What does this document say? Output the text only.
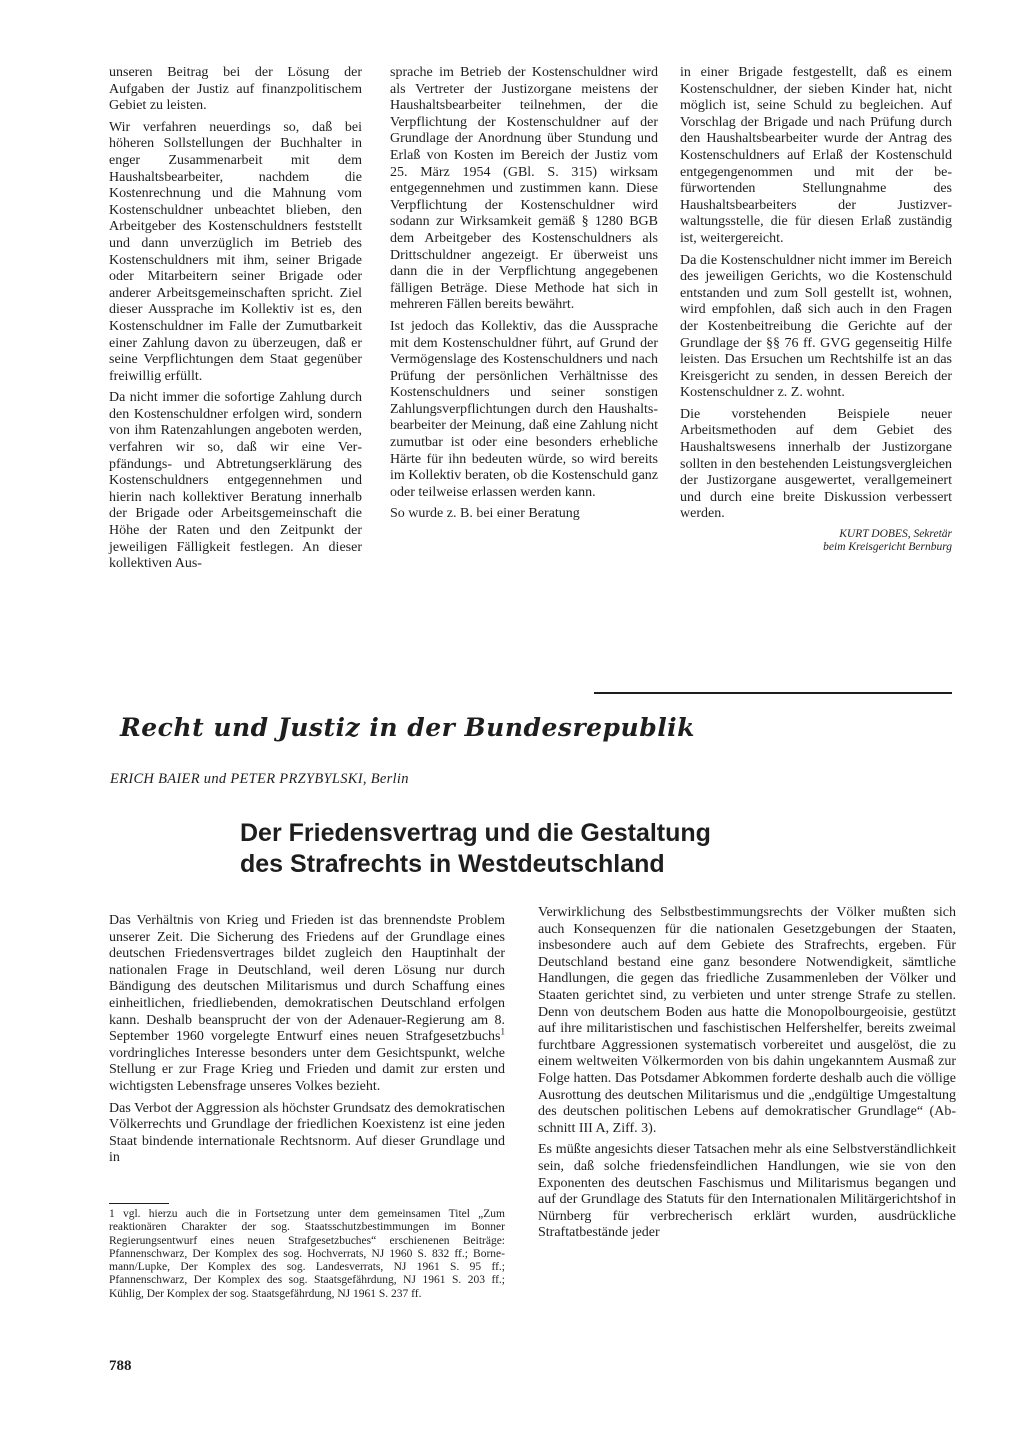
unseren Beitrag bei der Lösung der Aufgaben der Justiz auf finanzpolitischem Gebiet zu leisten.

Wir verfahren neuerdings so, daß bei höheren Sollstellungen der Buchhalter in enger Zusammenarbeit mit dem Haushaltsbearbeiter, nachdem die Kostenrechnung und die Mahnung vom Kostenschuldner unbeachtet blieben, den Arbeitgeber des Kostenschuldners feststellt und dann unverzüglich im Betrieb des Kostenschuldners mit ihm, seiner Brigade oder Mitarbeitern seiner Brigade oder anderer Arbeitsgemeinschaften spricht. Ziel dieser Aussprache im Kollektiv ist es, den Kostenschuldner im Falle der Zumutbarkeit einer Zahlung davon zu überzeugen, daß er seine Verpflichtungen dem Staat gegenüber freiwillig erfüllt.

Da nicht immer die sofortige Zahlung durch den Kostenschuldner erfolgen wird, sondern von ihm Ratenzahlungen angeboten werden, verfahren wir so, daß wir eine Verpfändungs- und Abtretungserklärung des Kostenschuldners entgegennehmen und hierin nach kollektiver Beratung innerhalb der Brigade oder Arbeitsgemeinschaft die Höhe der Raten und den Zeitpunkt der jeweiligen Fälligkeit festlegen. An dieser kollektiven Aus-

sprache im Betrieb der Kostenschuldner wird als Vertreter der Justizorgane meistens der Haushaltsbearbeiter teilnehmen, der die Verpflichtung der Kostenschuldner auf der Grundlage der Anordnung über Stundung und Erlaß von Kosten im Bereich der Justiz vom 25. März 1954 (GBl. S. 315) wirksam entgegennehmen und zustimmen kann. Diese Verpflichtung der Kostenschuldner wird sodann zur Wirksamkeit gemäß § 1280 BGB dem Arbeitgeber des Kostenschuldners als Drittschuldner angezeigt. Er überweist uns dann die in der Verpflichtung angegebenen fälligen Beträge. Diese Methode hat sich in mehreren Fällen bereits bewährt.

Ist jedoch das Kollektiv, das die Aussprache mit dem Kostenschuldner führt, auf Grund der Vermögenslage des Kostenschuldners und nach Prüfung der persönlichen Verhältnisse des Kostenschuldners und seiner sonstigen Zahlungsverpflichtungen durch den Haushaltsbearbeiter der Meinung, daß eine Zahlung nicht zumutbar ist oder eine besonders erhebliche Härte für ihn bedeuten würde, so wird bereits im Kollektiv beraten, ob die Kostenschuld ganz oder teilweise erlassen werden kann.

So wurde z. B. bei einer Beratung

in einer Brigade festgestellt, daß es einem Kostenschuldner, der sieben Kinder hat, nicht möglich ist, seine Schuld zu begleichen. Auf Vorschlag der Brigade und nach Prüfung durch den Haushaltsbearbeiter wurde der Antrag des Kostenschuldners auf Erlaß der Kostenschuld entgegengenommen und mit der befürwortenden Stellungnahme des Haushaltsbearbeiters der Justizverwaltungsstelle, die für diesen Erlaß zuständig ist, weitergereicht.

Da die Kostenschuldner nicht immer im Bereich des jeweiligen Gerichts, wo die Kostenschuld entstanden und zum Soll gestellt ist, wohnen, wird empfohlen, daß sich auch in den Fragen der Kostenbeitreibung die Gerichte auf der Grundlage der §§ 76 ff. GVG gegenseitig Hilfe leisten. Das Ersuchen um Rechtshilfe ist an das Kreisgericht zu senden, in dessen Bereich der Kostenschuldner z. Z. wohnt.

Die vorstehenden Beispiele neuer Arbeitsmethoden auf dem Gebiet des Haushaltswesens innerhalb der Justizorgane sollten in den bestehenden Leistungsvergleichen der Justizorgane ausgewertet, verallgemeinert und durch eine breite Diskussion verbessert werden.

KURT DOBES, Sekretär
beim Kreisgericht Bernburg
Recht und Justiz in der Bundesrepublik
ERICH BAIER und PETER PRZYBYLSKI, Berlin
Der Friedensvertrag und die Gestaltung
des Strafrechts in Westdeutschland

Das Verhältnis von Krieg und Frieden ist das brennendste Problem unserer Zeit. Die Sicherung des Friedens auf der Grundlage eines deutschen Friedensvertrages bildet zugleich den Hauptinhalt der nationalen Frage in Deutschland, weil deren Lösung nur durch Bändigung des deutschen Militarismus und durch Schaffung eines einheitlichen, friedliebenden, demokratischen Deutschland erfolgen kann. Deshalb beansprucht der von der Adenauer-Regierung am 8. September 1960 vorgelegte Entwurf eines neuen Strafgesetzbuchs$^1$ vordringliches Interesse besonders unter dem Gesichtspunkt, welche Stellung er zur Frage Krieg und Frieden und damit zur ersten und wichtigsten Lebensfrage unseres Volkes bezieht.

Das Verbot der Aggression als höchster Grundsatz des demokratischen Völkerrechts und Grundlage der friedlichen Koexistenz ist eine jeden Staat bindende internationale Rechtsnorm. Auf dieser Grundlage und in

Verwirklichung des Selbstbestimmungsrechts der Völker mußten sich auch Konsequenzen für die nationalen Gesetzgebungen der Staaten, insbesondere auch auf dem Gebiete des Strafrechts, ergeben. Für Deutschland bestand eine ganz besondere Notwendigkeit, sämtliche Handlungen, die gegen das friedliche Zusammenleben der Völker und Staaten gerichtet sind, zu verbieten und unter strenge Strafe zu stellen. Denn von deutschem Boden aus hatte die Monopolbourgeoisie, gestützt auf ihre militaristischen und faschistischen Helfershelfer, bereits zweimal furchtbare Aggressionen systematisch vorbereitet und ausgelöst, die zu einem weltweiten Völkermorden von bis dahin ungekanntem Ausmaß zur Folge hatten. Das Potsdamer Abkommen forderte deshalb auch die völlige Ausrottung des deutschen Militarismus und die „endgültige Umgestaltung des deutschen politischen Lebens auf demokratischer Grundlage“ (Abschnitt III A, Ziff. 3).

Es müßte angesichts dieser Tatsachen mehr als eine Selbstverständlichkeit sein, daß solche friedensfeindlichen Handlungen, wie sie von den Exponenten des deutschen Faschismus und Militarismus begangen und auf der Grundlage des Statuts für den Internationalen Militärgerichtshof in Nürnberg für verbrecherisch erklärt wurden, ausdrückliche Straftatbestände jeder

1 vgl. hierzu auch die in Fortsetzung unter dem gemeinsamen Titel „Zum reaktionären Charakter der sog. Staatsschutzbestimmungen im Bonner Regierungsentwurf eines neuen Strafgesetzbuches“ erschienenen Beiträge: Pfannenschwarz, Der Komplex des sog. Hochverrats, NJ 1960 S. 832 ff.; Bornemann/Lupke, Der Komplex des sog. Landesverrats, NJ 1961 S. 95 ff.; Pfannenschwarz, Der Komplex des sog. Staatsgefährdung, NJ 1961 S. 203 ff.; Kühlig, Der Komplex der sog. Staatsgefährdung, NJ 1961 S. 237 ff.
788
